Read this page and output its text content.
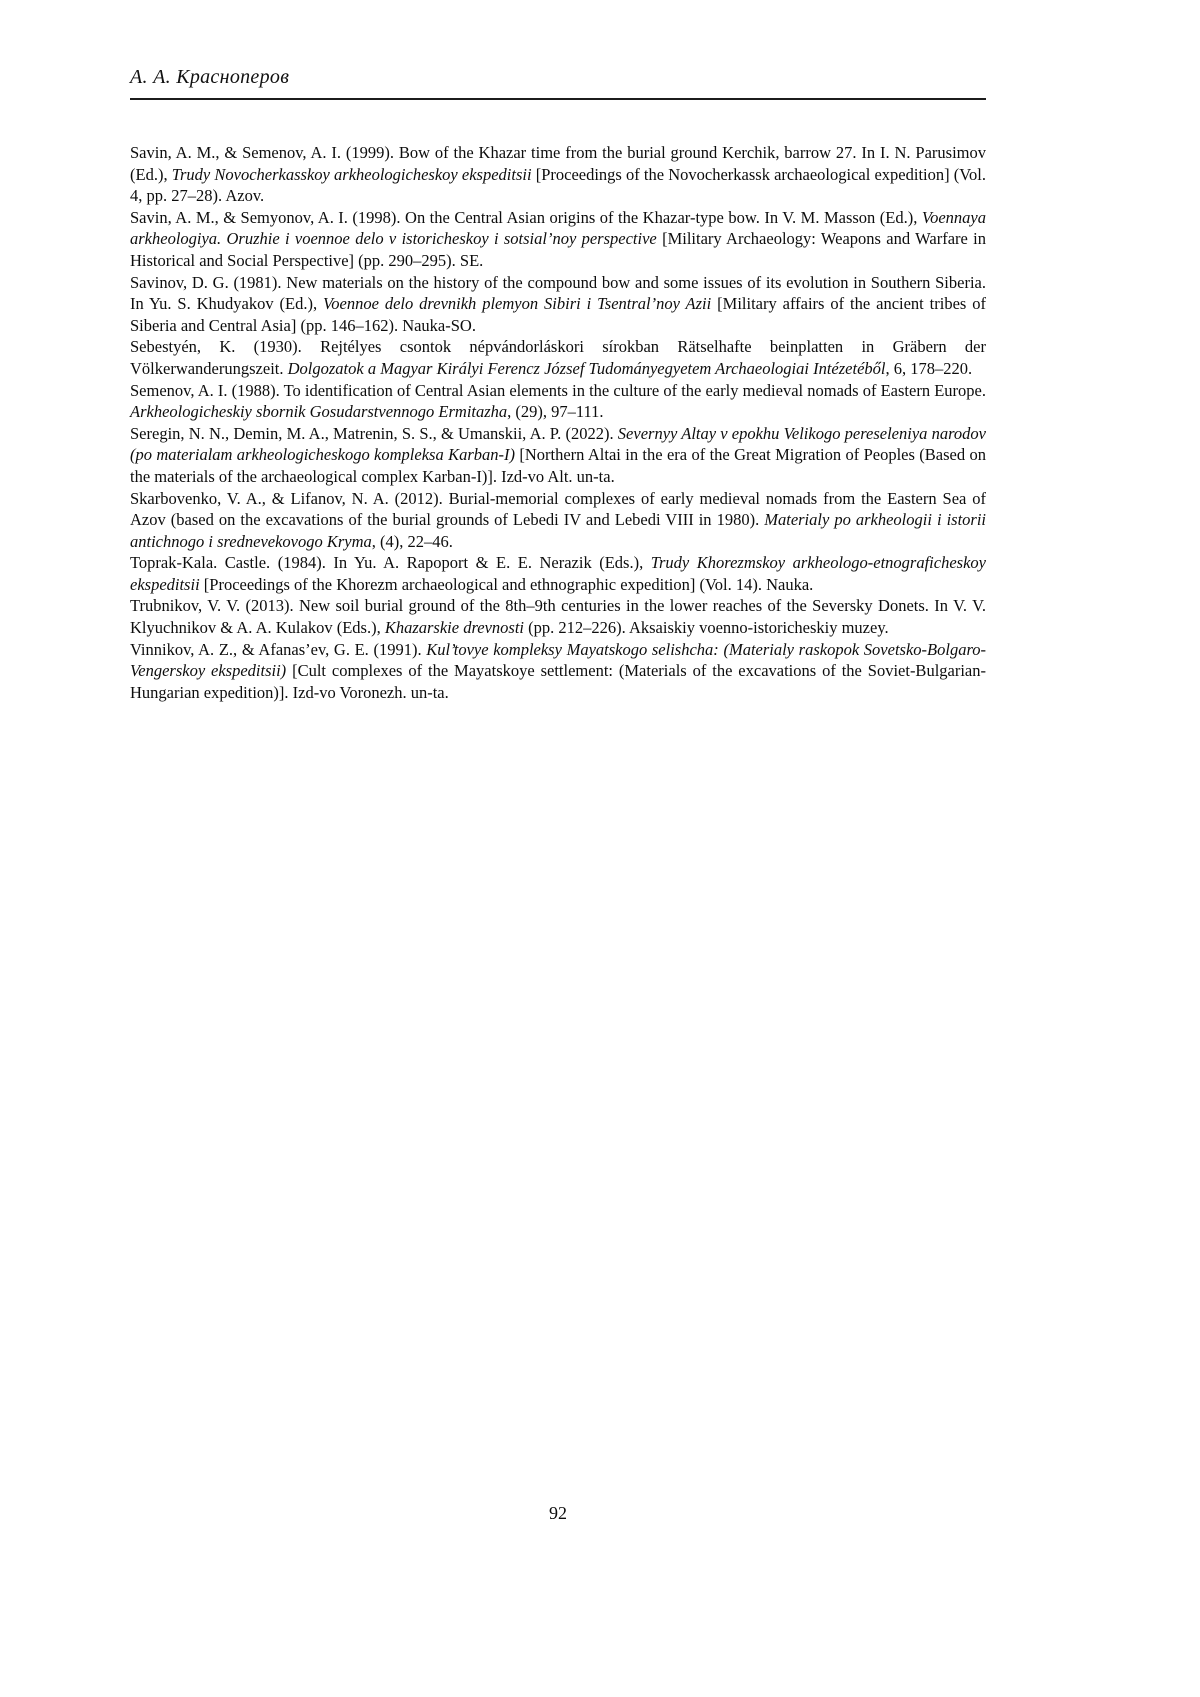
А. А. Красноперов

Savin, A. M., & Semenov, A. I. (1999). Bow of the Khazar time from the burial ground Kerchik, barrow 27. In I. N. Parusimov (Ed.), Trudy Novocherkasskoy arkheologicheskoy ekspeditsii [Proceedings of the Novocherkassk archaeological expedition] (Vol. 4, pp. 27–28). Azov.

Savin, A. M., & Semyonov, A. I. (1998). On the Central Asian origins of the Khazar-type bow. In V. M. Masson (Ed.), Voennaya arkheologiya. Oruzhie i voennoe delo v istoricheskoy i sotsial’noy perspective [Military Archaeology: Weapons and Warfare in Historical and Social Perspective] (pp. 290–295). SE.

Savinov, D. G. (1981). New materials on the history of the compound bow and some issues of its evolution in Southern Siberia. In Yu. S. Khudyakov (Ed.), Voennoe delo drevnikh plemyon Sibiri i Tsentral’noy Azii [Military affairs of the ancient tribes of Siberia and Central Asia] (pp. 146–162). Nauka-SO.

Sebestyén, K. (1930). Rejtélyes csontok népvándorláskori sírokban Rätselhafte beinplatten in Gräbern der Völkerwanderungszeit. Dolgozatok a Magyar Királyi Ferencz József Tudományegyetem Archaeologiai Intézetéből, 6, 178–220.

Semenov, A. I. (1988). To identification of Central Asian elements in the culture of the early medieval nomads of Eastern Europe. Arkheologicheskiy sbornik Gosudarstvennogo Ermitazha, (29), 97–111.

Seregin, N. N., Demin, M. A., Matrenin, S. S., & Umanskii, A. P. (2022). Severnyy Altay v epokhu Velikogo pereseleniya narodov (po materialam arkheologicheskogo kompleksa Karban-I) [Northern Altai in the era of the Great Migration of Peoples (Based on the materials of the archaeological complex Karban-I)]. Izd-vo Alt. un-ta.

Skarbovenko, V. A., & Lifanov, N. A. (2012). Burial-memorial complexes of early medieval nomads from the Eastern Sea of Azov (based on the excavations of the burial grounds of Lebedi IV and Lebedi VIII in 1980). Materialy po arkheologii i istorii antichnogo i srednevekovogo Kryma, (4), 22–46.

Toprak-Kala. Castle. (1984). In Yu. A. Rapoport & E. E. Nerazik (Eds.), Trudy Khorezmskoy arkheologo-etnograficheskoy ekspeditsii [Proceedings of the Khorezm archaeological and ethnographic expedition] (Vol. 14). Nauka.

Trubnikov, V. V. (2013). New soil burial ground of the 8th–9th centuries in the lower reaches of the Seversky Donets. In V. V. Klyuchnikov & A. A. Kulakov (Eds.), Khazarskie drevnosti (pp. 212–226). Aksaiskiy voenno-istoricheskiy muzey.

Vinnikov, A. Z., & Afanas’ev, G. E. (1991). Kul’tovye kompleksy Mayatskogo selishcha: (Materialy raskopok Sovetsko-Bolgaro-Vengerskoy ekspeditsii) [Cult complexes of the Mayatskoye settlement: (Materials of the excavations of the Soviet-Bulgarian-Hungarian expedition)]. Izd-vo Voronezh. un-ta.

92
